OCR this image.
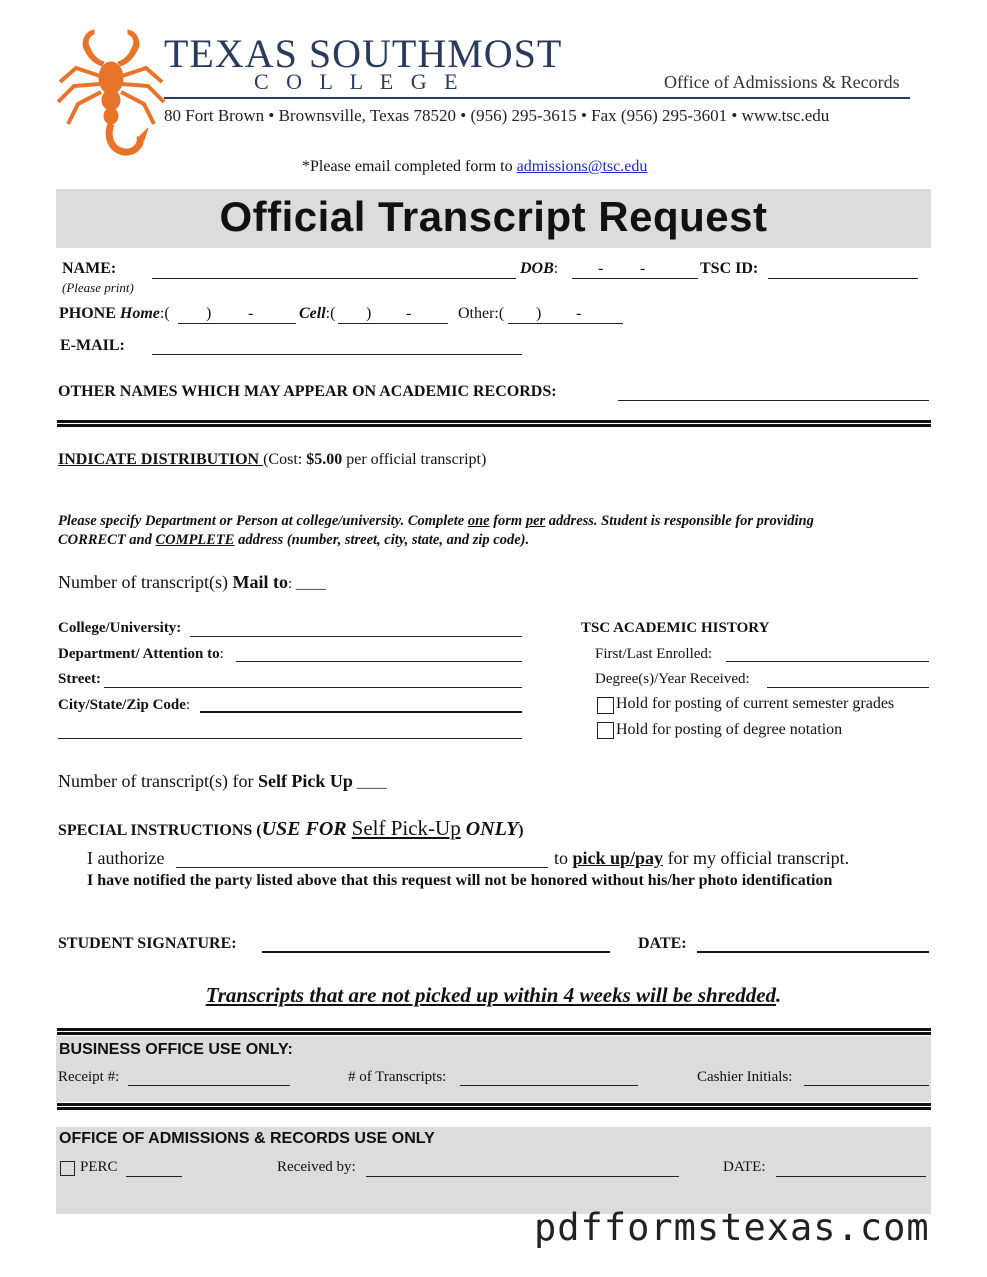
TEXAS SOUTHMOST
C O L L E G E	Office of Admissions & Records
80 Fort Brown • Brownsville, Texas 78520 • (956) 295-3615 • Fax (956) 295-3601 • www.tsc.edu
*Please email completed form to admissions@tsc.edu
Official Transcript Request
NAME:
(Please print)
DOB: - -	TSC ID:
PHONE Home:( ) -	Cell:( ) -	Other:( ) -
E-MAIL:
OTHER NAMES WHICH MAY APPEAR ON ACADEMIC RECORDS:
INDICATE DISTRIBUTION (Cost: $5.00 per official transcript)
Please specify Department or Person at college/university. Complete one form per address. Student is responsible for providing
CORRECT and COMPLETE address (number, street, city, state, and zip code).
Number of transcript(s) Mail to: ____
College/University:
Department/ Attention to:
Street:
City/State/Zip Code:
TSC ACADEMIC HISTORY
First/Last Enrolled:
Degree(s)/Year Received:
Hold for posting of current semester grades
Hold for posting of degree notation
Number of transcript(s) for Self Pick Up ____
SPECIAL INSTRUCTIONS (USE FOR Self Pick-Up ONLY)
I authorize	to pick up/pay for my official transcript.
I have notified the party listed above that this request will not be honored without his/her photo identification
STUDENT SIGNATURE:	DATE:
Transcripts that are not picked up within 4 weeks will be shredded.
BUSINESS OFFICE USE ONLY:
Receipt #:	# of Transcripts:	Cashier Initials:
OFFICE OF ADMISSIONS & RECORDS USE ONLY
PERC	Received by:	DATE:
pdfformstexas.com
